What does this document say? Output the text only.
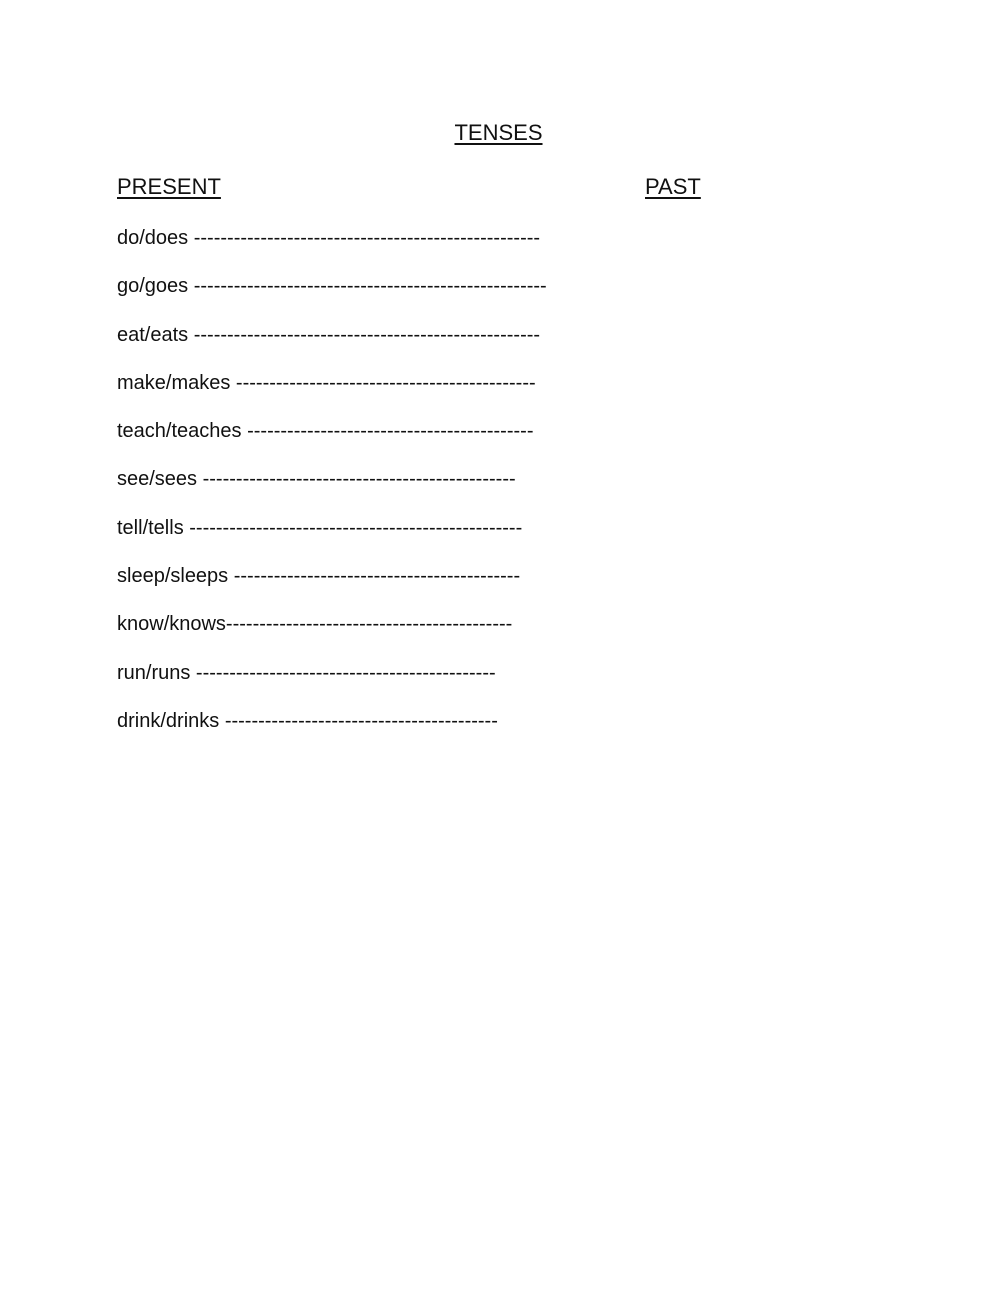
TENSES
PRESENT	PAST
do/does ----------------------------------------------------
go/goes -----------------------------------------------------
eat/eats ----------------------------------------------------
make/makes ---------------------------------------------
teach/teaches -------------------------------------------
see/sees -----------------------------------------------
tell/tells --------------------------------------------------
sleep/sleeps -------------------------------------------
know/knows-------------------------------------------
run/runs ---------------------------------------------
drink/drinks -----------------------------------------
